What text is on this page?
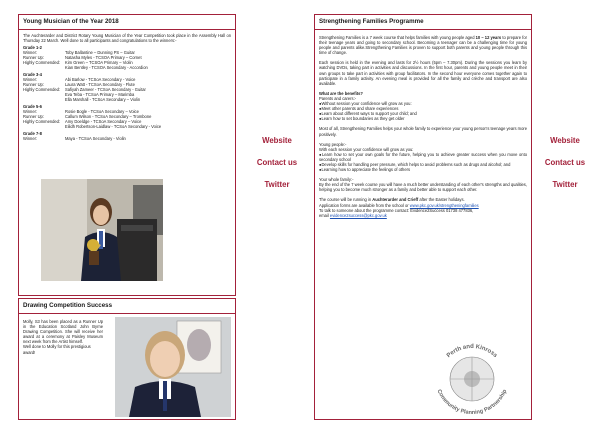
Young Musician of the Year 2018

The Auchterarder and District Rotary Young Musician of the Year Competition took place in the Assembly Hall on Thursday 22 March. Well done to all participants and congratulations to the winners:-

Grade 1-2
Winner:	Toby Ballantine – Dunning PS – Guitar
Runner Up:	Natasha Myles - TCSOA Primary – Cornet
Highly Commended:	Kim Green – TCSOA Primary – Violin
Kian Bentley - TCSOA Secondary - Accordion
Grade 3-4
Winner:	Abi Barlow - TCSoA Secondary - Voice
Runner Up:	Laura Watt - TCSoA Secondary - Flute
Highly Commended:	Safiyah Zameer - TCSoA Secondary - Guitar
Eva Teba - TCSoA Primary – Marimba
Ella Marshall - TCSoA Secondary – Violin
Grade 5-6
Winner:	Rosie Bogle - TCSoA Secondary – Voice
Runner Up:	Callum Wilson - TCSoA Secondary – Trombone
Highly Commended:	Amy Doeldge - TCSoA Secondary – Voice
Eilidh Robertson-Laidlaw - TCSoA Secondary - Voice
Grade 7-8
Winner:	Maya - TCSoA Secondary - Violin
Drawing Competition Success

Molly, S3 has been placed as a Runner Up in the Education Scotland John Byrne Drawing Competition. She will receive her award at a ceremony at Paisley Museum next week from the Artist himself.

Well done to Molly for this prestigious award!

Website
Contact us
Twitter
Website
Contact us
Twitter
Strengthening Families Programme

Strengthening Families is a 7 week course that helps families with young people aged 10 – 12 years to prepare for their teenage years and going to secondary school. Becoming a teenager can be a challenging time for young people and parents alike.Strengthening Families is proven to support both parents and young people through this time of change.

Each session is held in the evening and lasts for 2½ hours (5pm – 7.30pm). During the sessions you learn by watching DVDs, taking part in activities and discussions. In the first hour, parents and young people meet in their own groups to take part in activities with group facilitators. In the second hour everyone comes together again to participate in a family activity. An evening meal is provided for all the family and crèche and transport are also available.

What are the benefits?

Parents and carers:-

●Without session your confidence will grow as you:

●Meet other parents and share experiences

●Learn about different ways to support your child; and

●Learn how to set boundaries as they get older

Most of all, Strengthening Families helps your whole family to experience your young person's teenage years more positively.

Young people:-

With each session your confidence will grow as you:

●Learn how to set your own goals for the future, helping you to achieve greater success when you move onto secondary school

●Develop skills for handling peer pressure, which helps to avoid problems such as drugs and alcohol; and

●Learning how to appreciate the feelings of others

Your whole family:-

By the end of the 7 week course you will have a much better understanding of each other's strengths and qualities, helping you to become much stronger as a family and better able to support each other.

The course will be running in Auchterarder and Crieff after the Easter holidays.

Application forms are available from the school or www.pkc.gov.uk/strengtheningfamilies

To talk to someone about the programme contact: Evidence2Success 01738 477836,

email evidence2success@pkc.gov.uk

Perth and Kinross
Community Planning Partnership
